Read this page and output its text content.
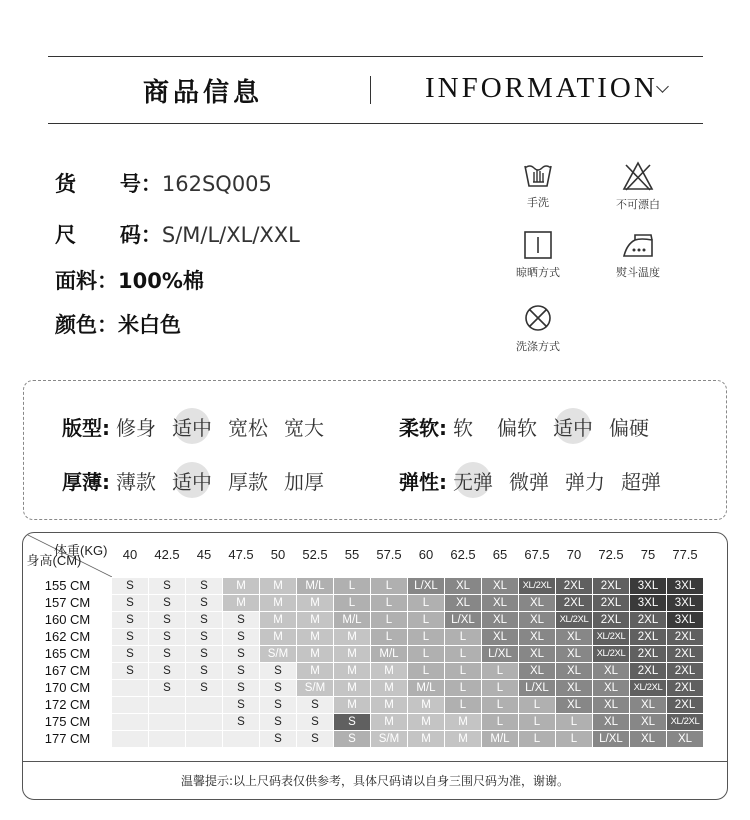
商品信息	INFORMATION
货      号：162SQ005
尺      码：S/M/L/XL/XXL
面料：100%棉
颜色：米白色
手洗	不可漂白
晾晒方式	熨斗温度
洗涤方式
版型: 修身 适中 宽松 宽大	柔软: 软 偏软 适中 偏硬
厚薄: 薄款 适中 厚款 加厚	弹性: 无弹 微弹 弹力 超弹
体重(KG)
身高(CM)	40	42.5	45	47.5	50	52.5	55	57.5	60	62.5	65	67.5	70	72.5	75	77.5
155 CM	S	S	S	M	M	M/L	L	L	L/XL	XL	XL	XL/2XL	2XL	2XL	3XL	3XL
157 CM	S	S	S	M	M	M	L	L	L	XL	XL	XL	2XL	2XL	3XL	3XL
160 CM	S	S	S	S	M	M	M/L	L	L	L/XL	XL	XL	XL/2XL	2XL	2XL	3XL
162 CM	S	S	S	S	M	M	M	L	L	L	XL	XL	XL	XL/2XL	2XL	2XL
165 CM	S	S	S	S	S/M	M	M	M/L	L	L	L/XL	XL	XL	XL/2XL	2XL	2XL
167 CM	S	S	S	S	S	M	M	M	L	L	L	XL	XL	XL	2XL	2XL
170 CM		S	S	S	S	S/M	M	M	M/L	L	L	L/XL	XL	XL	XL/2XL	2XL
172 CM				S	S	S	M	M	M	L	L	L	XL	XL	XL	2XL
175 CM				S	S	S	S	M	M	M	L	L	L	XL	XL	XL/2XL
177 CM					S	S	S	S/M	M	M	M/L	L	L	L/XL	XL	XL
温馨提示:以上尺码表仅供参考，具体尺码请以自身三围尺码为准，谢谢。
